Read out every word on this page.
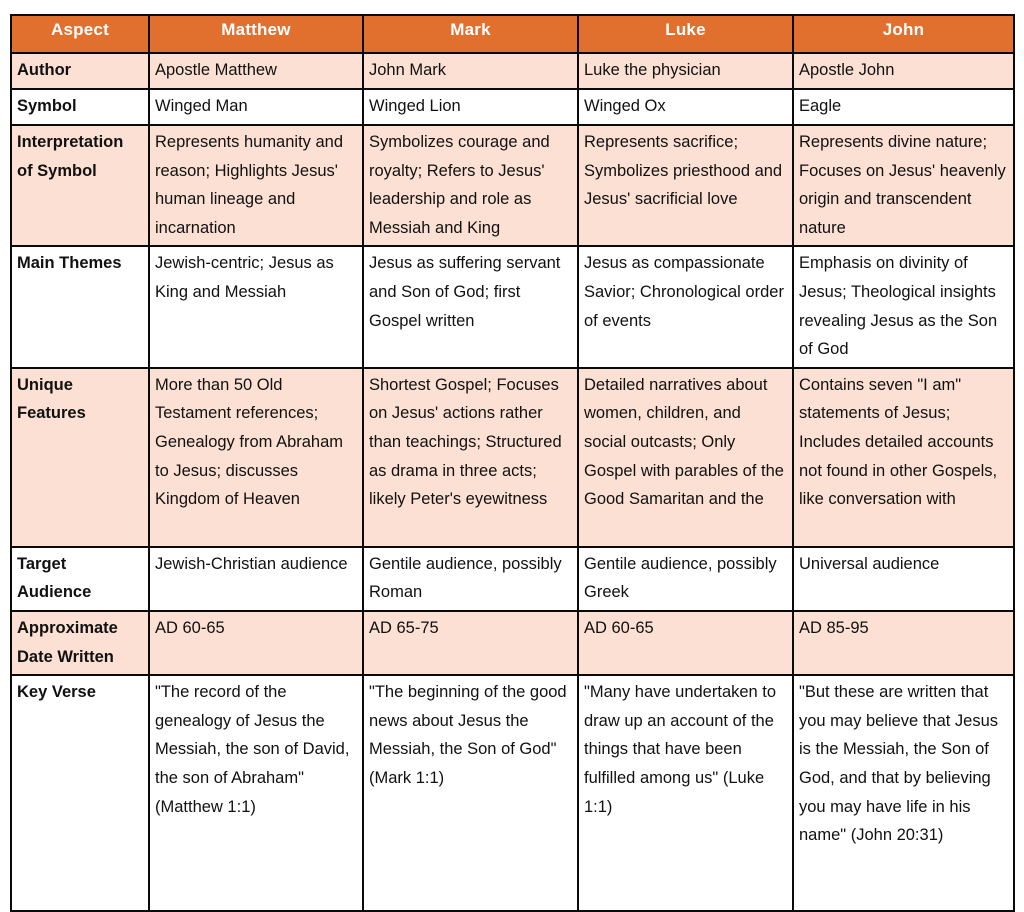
Aspect	Matthew	Mark	Luke	John
Author	Apostle Matthew	John Mark	Luke the physician	Apostle John
Symbol	Winged Man	Winged Lion	Winged Ox	Eagle
Interpretation of Symbol	Represents humanity and reason; Highlights Jesus' human lineage and incarnation	Symbolizes courage and royalty; Refers to Jesus' leadership and role as Messiah and King	Represents sacrifice; Symbolizes priesthood and Jesus' sacrificial love	Represents divine nature; Focuses on Jesus' heavenly origin and transcendent nature
Main Themes	Jewish-centric; Jesus as King and Messiah	Jesus as suffering servant and Son of God; first Gospel written	Jesus as compassionate Savior; Chronological order of events	Emphasis on divinity of Jesus; Theological insights revealing Jesus as the Son of God
Unique Features	More than 50 Old Testament references; Genealogy from Abraham to Jesus; discusses Kingdom of Heaven	Shortest Gospel; Focuses on Jesus' actions rather than teachings; Structured as drama in three acts; likely Peter's eyewitness	Detailed narratives about women, children, and social outcasts; Only Gospel with parables of the Good Samaritan and the	Contains seven "I am" statements of Jesus; Includes detailed accounts not found in other Gospels, like conversation with
Target Audience	Jewish-Christian audience	Gentile audience, possibly Roman	Gentile audience, possibly Greek	Universal audience
Approximate Date Written	AD 60-65	AD 65-75	AD 60-65	AD 85-95
Key Verse	"The record of the genealogy of Jesus the Messiah, the son of David, the son of Abraham" (Matthew 1:1)	"The beginning of the good news about Jesus the Messiah, the Son of God" (Mark 1:1)	"Many have undertaken to draw up an account of the things that have been fulfilled among us" (Luke 1:1)	"But these are written that you may believe that Jesus is the Messiah, the Son of God, and that by believing you may have life in his name" (John 20:31)
